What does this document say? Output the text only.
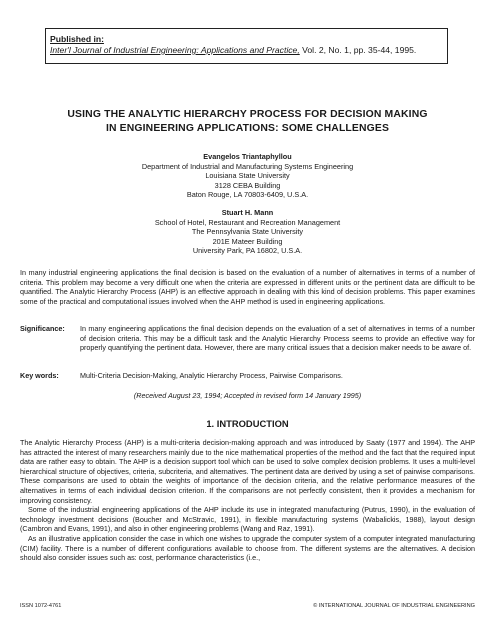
Published in:
Inter'l Journal of Industrial Engineering: Applications and Practice, Vol. 2, No. 1, pp. 35-44, 1995.
USING THE ANALYTIC HIERARCHY PROCESS FOR DECISION MAKING
IN ENGINEERING APPLICATIONS: SOME CHALLENGES
Evangelos Triantaphyllou
Department of Industrial and Manufacturing Systems Engineering
Louisiana State University
3128 CEBA Building
Baton Rouge, LA 70803-6409, U.S.A.
Stuart H. Mann
School of Hotel, Restaurant and Recreation Management
The Pennsylvania State University
201E Mateer Building
University Park, PA 16802, U.S.A.
In many industrial engineering applications the final decision is based on the evaluation of a number of alternatives in terms of a number of criteria. This problem may become a very difficult one when the criteria are expressed in different units or the pertinent data are difficult to be quantified. The Analytic Hierarchy Process (AHP) is an effective approach in dealing with this kind of decision problems. This paper examines some of the practical and computational issues involved when the AHP method is used in engineering applications.
Significance:	In many engineering applications the final decision depends on the evaluation of a set of alternatives in terms of a number of decision criteria. This may be a difficult task and the Analytic Hierarchy Process seems to provide an effective way for properly quantifying the pertinent data. However, there are many critical issues that a decision maker needs to be aware of.
Key words:	Multi-Criteria Decision-Making, Analytic Hierarchy Process, Pairwise Comparisons.
(Received August 23, 1994; Accepted in revised form 14 January 1995)
1. INTRODUCTION

The Analytic Hierarchy Process (AHP) is a multi-criteria decision-making approach and was introduced by Saaty (1977 and 1994). The AHP has attracted the interest of many researchers mainly due to the nice mathematical properties of the method and the fact that the required input data are rather easy to obtain. The AHP is a decision support tool which can be used to solve complex decision problems. It uses a multi-level hierarchical structure of objectives, criteria, subcriteria, and alternatives. The pertinent data are derived by using a set of pairwise comparisons. These comparisons are used to obtain the weights of importance of the decision criteria, and the relative performance measures of the alternatives in terms of each individual decision criterion. If the comparisons are not perfectly consistent, then it provides a mechanism for improving consistency.

Some of the industrial engineering applications of the AHP include its use in integrated manufacturing (Putrus, 1990), in the evaluation of technology investment decisions (Boucher and McStravic, 1991), in flexible manufacturing systems (Wabalickis, 1988), layout design (Cambron and Evans, 1991), and also in other engineering problems (Wang and Raz, 1991).

As an illustrative application consider the case in which one wishes to upgrade the computer system of a computer integrated manufacturing (CIM) facility. There is a number of different configurations available to choose from. The different systems are the alternatives. A decision should also consider issues such as: cost, performance characteristics (i.e.,

ISSN 1072-4761	© INTERNATIONAL JOURNAL OF INDUSTRIAL ENGINEERING
